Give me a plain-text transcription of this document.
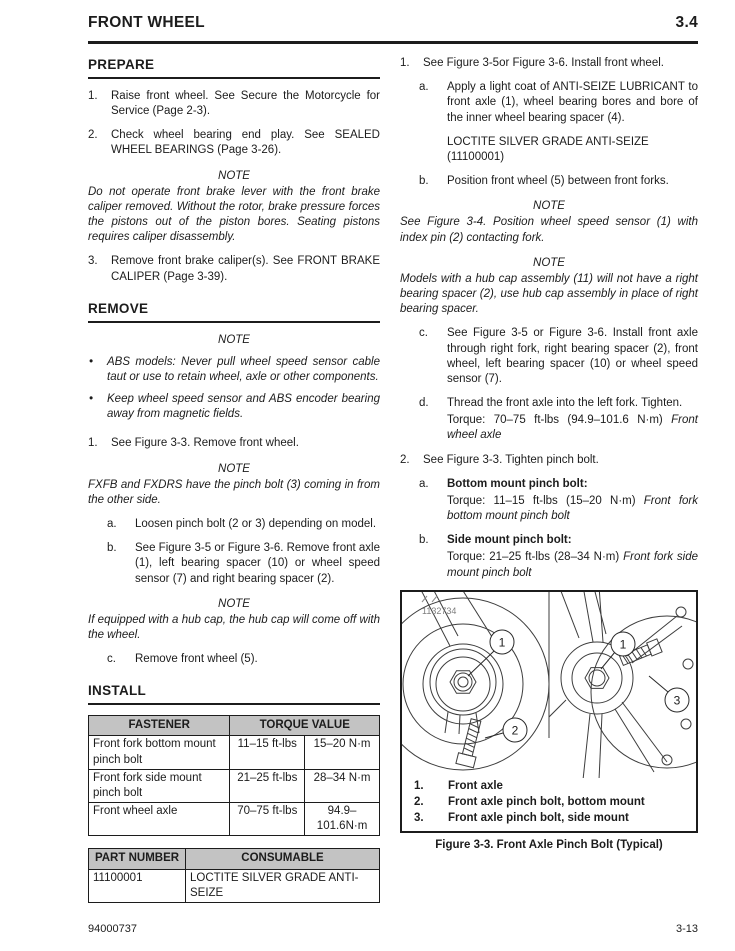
FRONT WHEEL	3.4
PREPARE
1.	Raise front wheel. See Secure the Motorcycle for Service (Page 2-3).
2.	Check wheel bearing end play. See SEALED WHEEL BEARINGS (Page 3-26).
NOTE
Do not operate front brake lever with the front brake caliper removed. Without the rotor, brake pressure forces the pistons out of the piston bores. Seating pistons requires caliper disassembly.
3.	Remove front brake caliper(s). See FRONT BRAKE CALIPER (Page 3-39).
REMOVE
NOTE
•	ABS models: Never pull wheel speed sensor cable taut or use to retain wheel, axle or other components.
•	Keep wheel speed sensor and ABS encoder bearing away from magnetic fields.
1.	See Figure 3-3. Remove front wheel.
NOTE
FXFB and FXDRS have the pinch bolt (3) coming in from the other side.
a.	Loosen pinch bolt (2 or 3) depending on model.
b.	See Figure 3-5 or Figure 3-6. Remove front axle (1), left bearing spacer (10) or wheel speed sensor (7) and right bearing spacer (2).
NOTE
If equipped with a hub cap, the hub cap will come off with the wheel.
c.	Remove front wheel (5).
INSTALL
FASTENER	TORQUE VALUE	
Front fork bottom mount pinch bolt	11–15 ft-lbs	15–20 N·m
Front fork side mount pinch bolt	21–25 ft-lbs	28–34 N·m
Front wheel axle	70–75 ft-lbs	94.9–101.6N·m
PART NUMBER	CONSUMABLE
11100001	LOCTITE SILVER GRADE ANTI-SEIZE
1.	See Figure 3-5or Figure 3-6. Install front wheel.
a.	Apply a light coat of ANTI-SEIZE LUBRICANT to front axle (1), wheel bearing bores and bore of the inner wheel bearing spacer (4).
LOCTITE SILVER GRADE ANTI-SEIZE (11100001)
b.	Position front wheel (5) between front forks.
NOTE
See Figure 3-4. Position wheel speed sensor (1) with index pin (2) contacting fork.
NOTE
Models with a hub cap assembly (11) will not have a right bearing spacer (2), use hub cap assembly in place of right bearing spacer.
c.	See Figure 3-5 or Figure 3-6. Install front axle through right fork, right bearing spacer (2), front wheel, left bearing spacer (10) or wheel speed sensor (7).
d.	Thread the front axle into the left fork. Tighten.
Torque: 70–75 ft-lbs (94.9–101.6 N·m) Front wheel axle
2.	See Figure 3-3. Tighten pinch bolt.
a.	Bottom mount pinch bolt:
Torque: 11–15 ft-lbs (15–20 N·m) Front fork bottom mount pinch bolt
b.	Side mount pinch bolt:
Torque: 21–25 ft-lbs (28–34 N·m) Front fork side mount pinch bolt
1132734
1
2
1
3
1.	Front axle
2.	Front axle pinch bolt, bottom mount
3.	Front axle pinch bolt, side mount
Figure 3-3. Front Axle Pinch Bolt (Typical)
94000737	3-13
